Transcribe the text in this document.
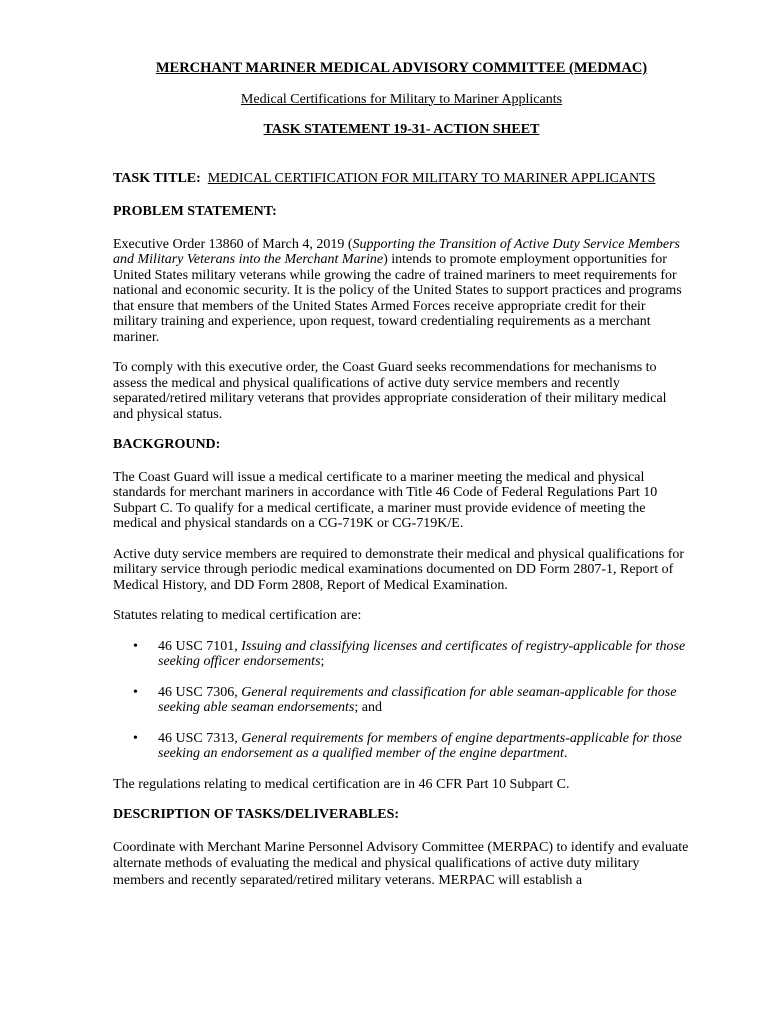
MERCHANT MARINER MEDICAL ADVISORY COMMITTEE (MEDMAC)
Medical Certifications for Military to Mariner Applicants
TASK STATEMENT 19-31- ACTION SHEET
TASK TITLE: MEDICAL CERTIFICATION FOR MILITARY TO MARINER APPLICANTS
PROBLEM STATEMENT:

Executive Order 13860 of March 4, 2019 (Supporting the Transition of Active Duty Service Members and Military Veterans into the Merchant Marine) intends to promote employment opportunities for United States military veterans while growing the cadre of trained mariners to meet requirements for national and economic security. It is the policy of the United States to support practices and programs that ensure that members of the United States Armed Forces receive appropriate credit for their military training and experience, upon request, toward credentialing requirements as a merchant mariner.

To comply with this executive order, the Coast Guard seeks recommendations for mechanisms to assess the medical and physical qualifications of active duty service members and recently separated/retired military veterans that provides appropriate consideration of their military medical and physical status.

BACKGROUND:

The Coast Guard will issue a medical certificate to a mariner meeting the medical and physical standards for merchant mariners in accordance with Title 46 Code of Federal Regulations Part 10 Subpart C. To qualify for a medical certificate, a mariner must provide evidence of meeting the medical and physical standards on a CG-719K or CG-719K/E.

Active duty service members are required to demonstrate their medical and physical qualifications for military service through periodic medical examinations documented on DD Form 2807-1, Report of Medical History, and DD Form 2808, Report of Medical Examination.

Statutes relating to medical certification are:

• 46 USC 7101, Issuing and classifying licenses and certificates of registry-applicable for those seeking officer endorsements;
• 46 USC 7306, General requirements and classification for able seaman-applicable for those seeking able seaman endorsements; and
• 46 USC 7313, General requirements for members of engine departments-applicable for those seeking an endorsement as a qualified member of the engine department.

The regulations relating to medical certification are in 46 CFR Part 10 Subpart C.

DESCRIPTION OF TASKS/DELIVERABLES:

Coordinate with Merchant Marine Personnel Advisory Committee (MERPAC) to identify and evaluate alternate methods of evaluating the medical and physical qualifications of active duty military members and recently separated/retired military veterans. MERPAC will establish a
